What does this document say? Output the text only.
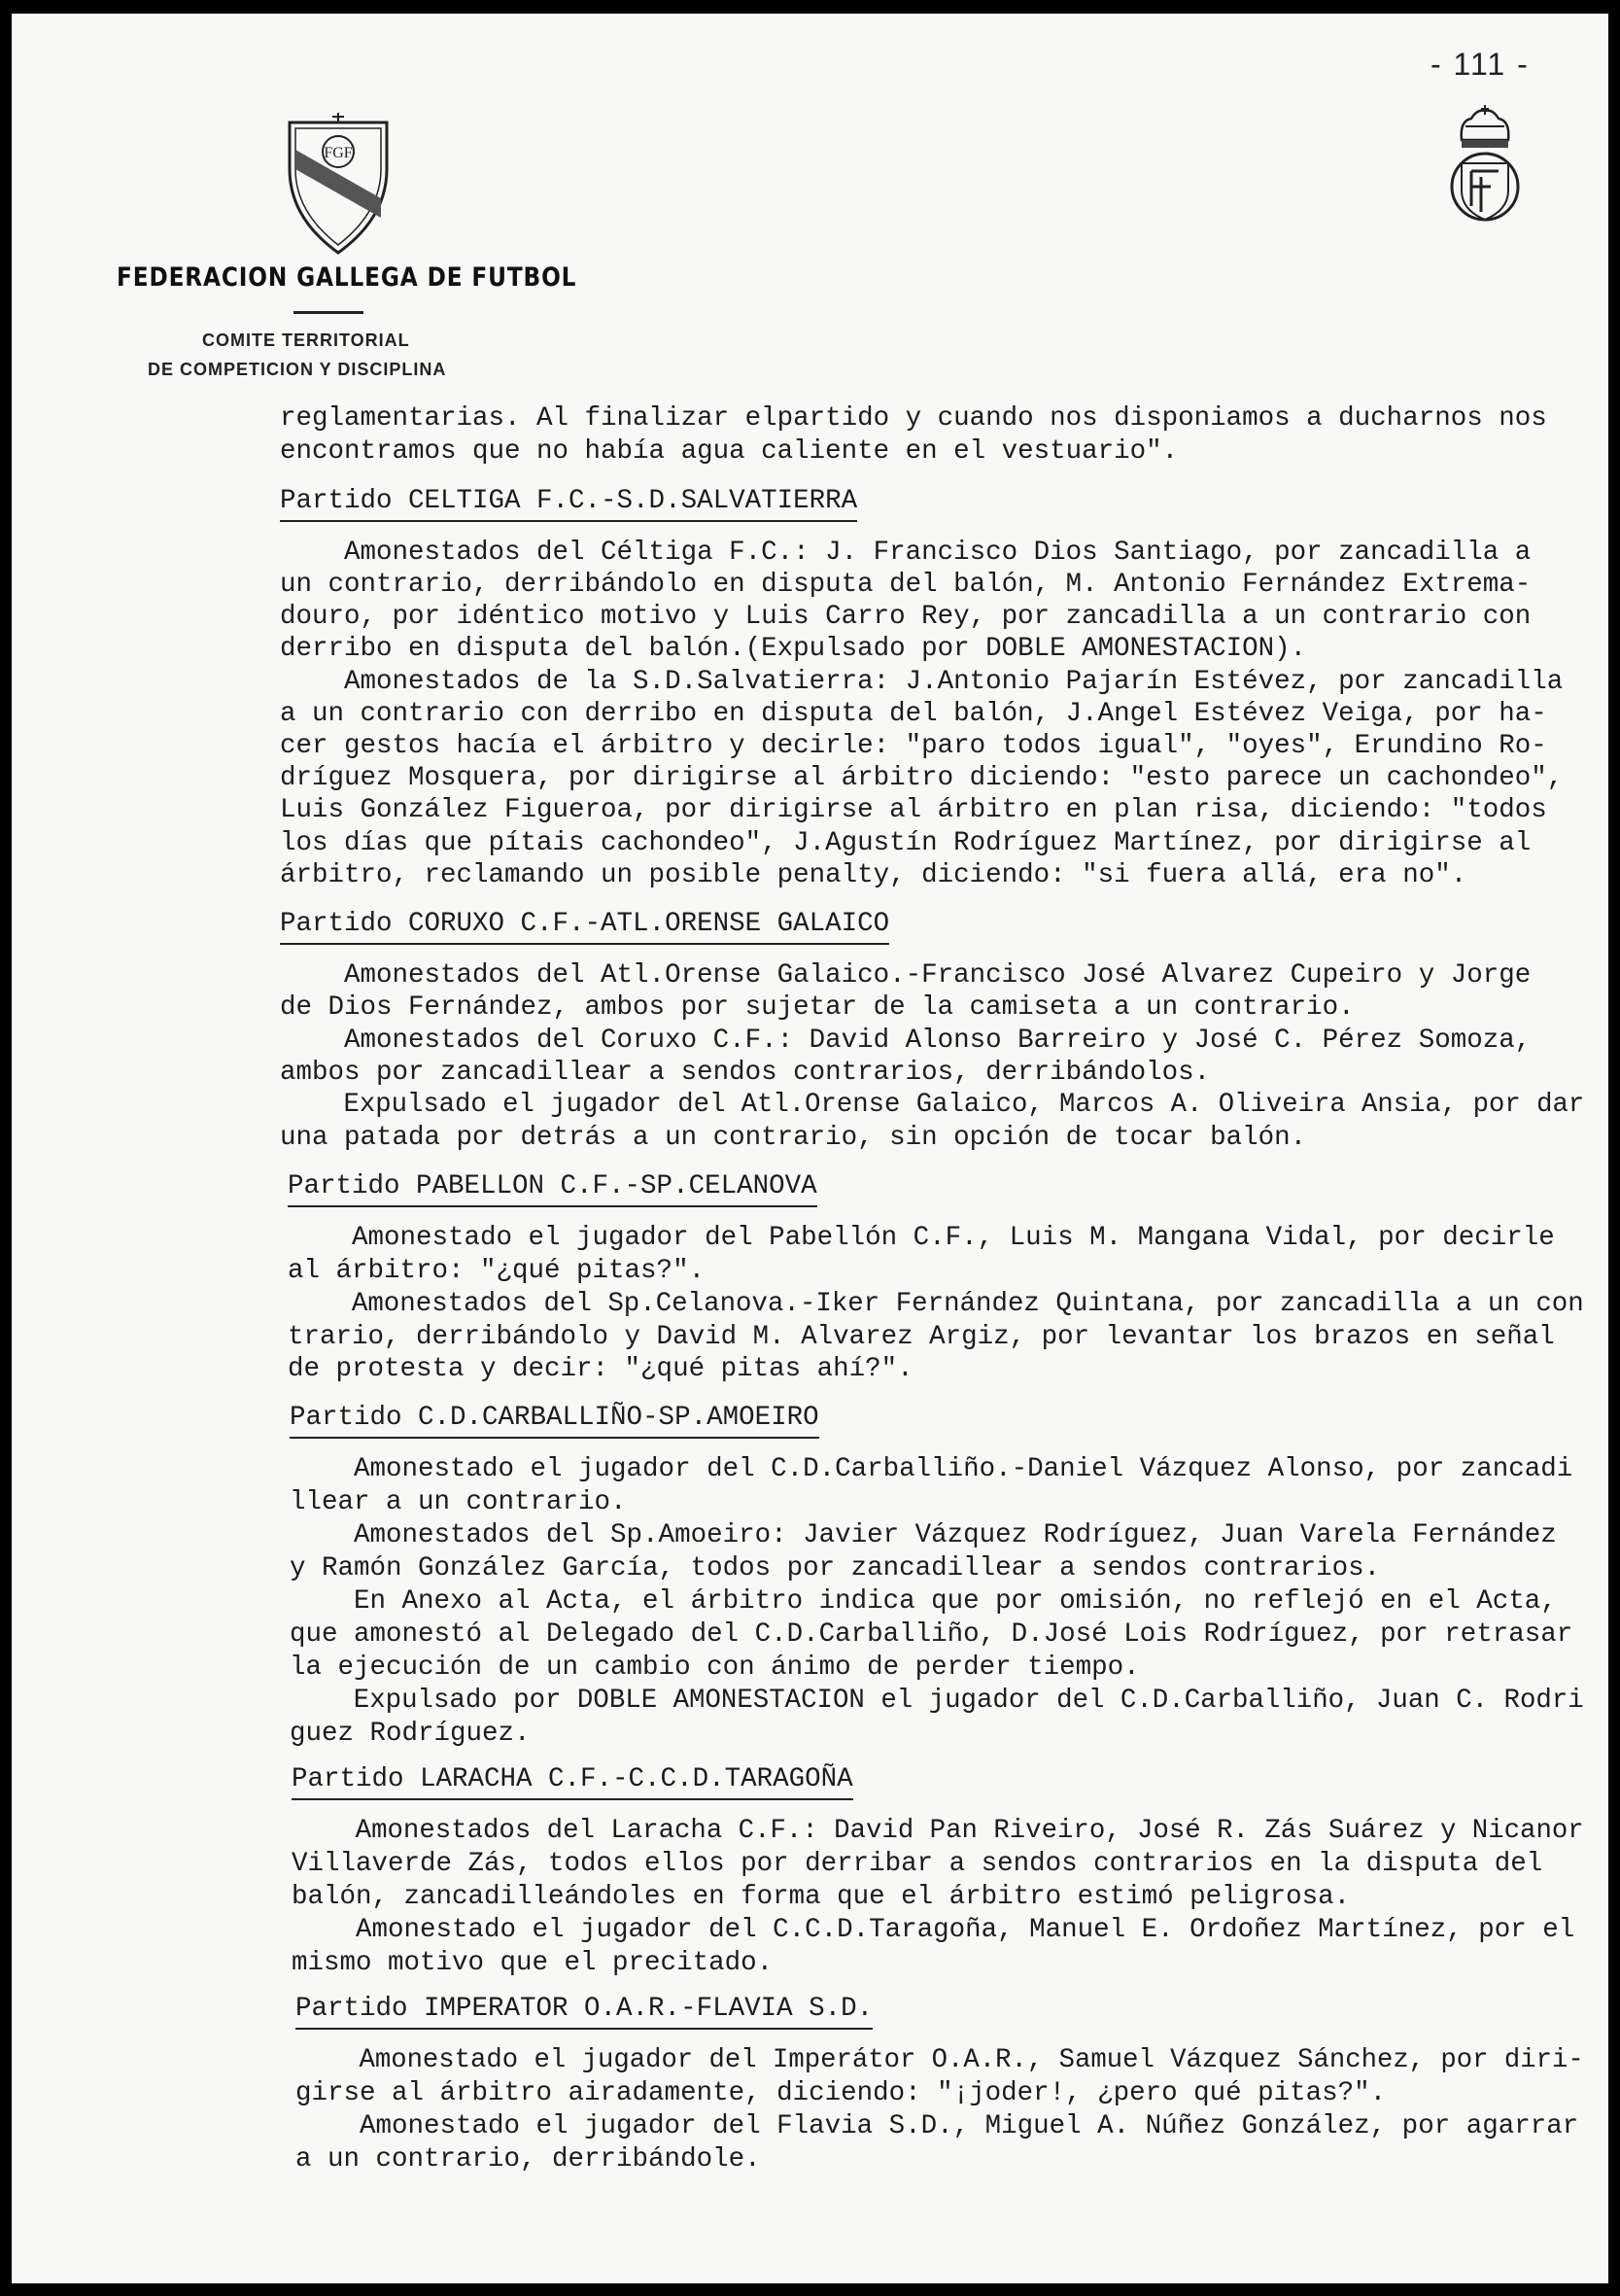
- 111 -
FGF
FEDERACION GALLEGA DE FUTBOL
COMITE TERRITORIAL
DE COMPETICION Y DISCIPLINA
reglamentarias. Al finalizar elpartido y cuando nos disponiamos a ducharnos nos
encontramos que no había agua caliente en el vestuario".
Partido CELTIGA F.C.-S.D.SALVATIERRA
Amonestados del Céltiga F.C.: J. Francisco Dios Santiago, por zancadilla a
un contrario, derribándolo en disputa del balón, M. Antonio Fernández Extrema-
douro, por idéntico motivo y Luis Carro Rey, por zancadilla a un contrario con
derribo en disputa del balón.(Expulsado por DOBLE AMONESTACION).
Amonestados de la S.D.Salvatierra: J.Antonio Pajarín Estévez, por zancadilla
a un contrario con derribo en disputa del balón, J.Angel Estévez Veiga, por ha-
cer gestos hacía el árbitro y decirle: "paro todos igual", "oyes", Erundino Ro-
dríguez Mosquera, por dirigirse al árbitro diciendo: "esto parece un cachondeo",
Luis González Figueroa, por dirigirse al árbitro en plan risa, diciendo: "todos
los días que pítais cachondeo", J.Agustín Rodríguez Martínez, por dirigirse al
árbitro, reclamando un posible penalty, diciendo: "si fuera allá, era no".
Partido CORUXO C.F.-ATL.ORENSE GALAICO
Amonestados del Atl.Orense Galaico.-Francisco José Alvarez Cupeiro y Jorge
de Dios Fernández, ambos por sujetar de la camiseta a un contrario.
Amonestados del Coruxo C.F.: David Alonso Barreiro y José C. Pérez Somoza,
ambos por zancadillear a sendos contrarios, derribándolos.
Expulsado el jugador del Atl.Orense Galaico, Marcos A. Oliveira Ansia, por dar
una patada por detrás a un contrario, sin opción de tocar balón.
Partido PABELLON C.F.-SP.CELANOVA
Amonestado el jugador del Pabellón C.F., Luis M. Mangana Vidal, por decirle
al árbitro: "¿qué pitas?".
Amonestados del Sp.Celanova.-Iker Fernández Quintana, por zancadilla a un con
trario, derribándolo y David M. Alvarez Argiz, por levantar los brazos en señal
de protesta y decir: "¿qué pitas ahí?".
Partido C.D.CARBALLIÑO-SP.AMOEIRO
Amonestado el jugador del C.D.Carballiño.-Daniel Vázquez Alonso, por zancadi
llear a un contrario.
Amonestados del Sp.Amoeiro: Javier Vázquez Rodríguez, Juan Varela Fernández
y Ramón González García, todos por zancadillear a sendos contrarios.
En Anexo al Acta, el árbitro indica que por omisión, no reflejó en el Acta,
que amonestó al Delegado del C.D.Carballiño, D.José Lois Rodríguez, por retrasar
la ejecución de un cambio con ánimo de perder tiempo.
Expulsado por DOBLE AMONESTACION el jugador del C.D.Carballiño, Juan C. Rodri
guez Rodríguez.
Partido LARACHA C.F.-C.C.D.TARAGOÑA
Amonestados del Laracha C.F.: David Pan Riveiro, José R. Zás Suárez y Nicanor
Villaverde Zás, todos ellos por derribar a sendos contrarios en la disputa del
balón, zancadilleándoles en forma que el árbitro estimó peligrosa.
Amonestado el jugador del C.C.D.Taragoña, Manuel E. Ordoñez Martínez, por el
mismo motivo que el precitado.
Partido IMPERATOR O.A.R.-FLAVIA S.D.
Amonestado el jugador del Imperátor O.A.R., Samuel Vázquez Sánchez, por diri-
girse al árbitro airadamente, diciendo: "¡joder!, ¿pero qué pitas?".
Amonestado el jugador del Flavia S.D., Miguel A. Núñez González, por agarrar
a un contrario, derribándole.
